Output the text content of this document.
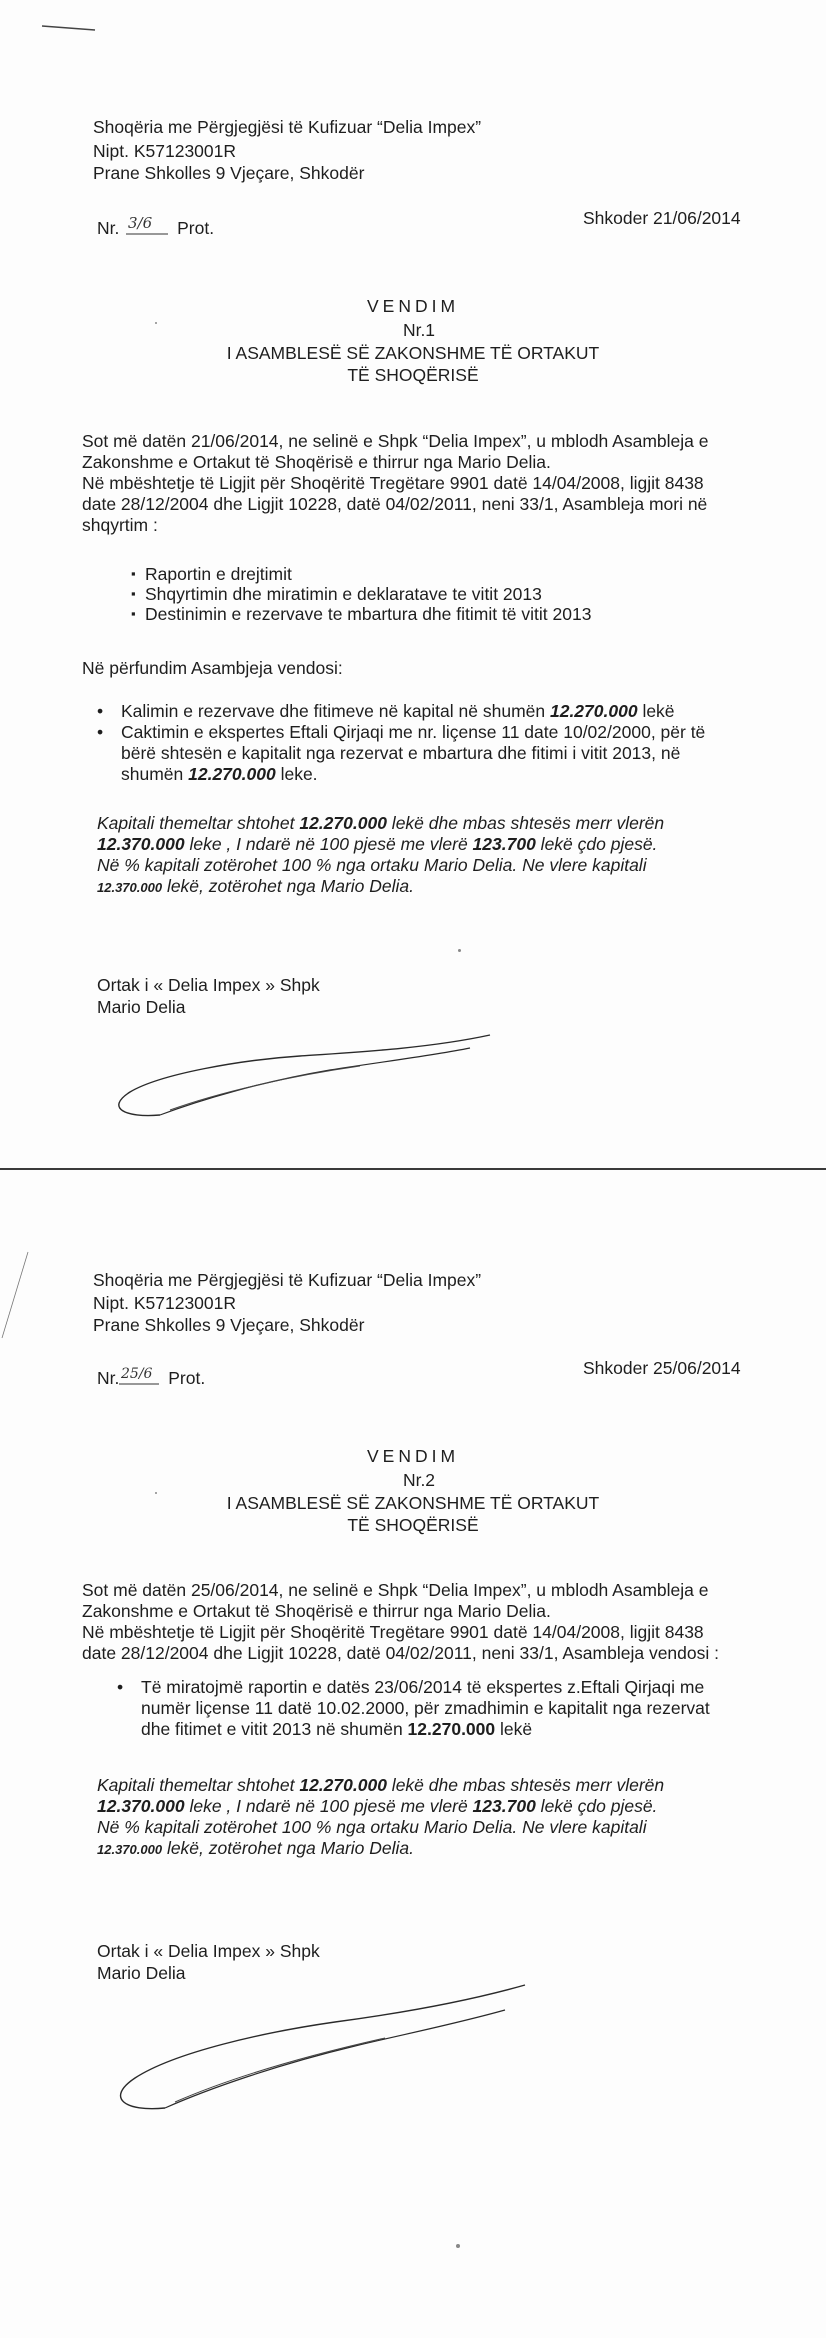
Shoqëria me Përgjegjësi të Kufizuar “Delia Impex”
Nipt. K57123001R
Prane Shkolles 9 Vjeçare, Shkodër
Nr. 3/6 Prot.	Shkoder 21/06/2014
VENDIM
Nr.1
I ASAMBLESË SË ZAKONSHME TË ORTAKUT
TË SHOQËRISË
Sot më datën 21/06/2014, ne selinë e Shpk “Delia Impex”, u mblodh Asambleja e
Zakonshme e Ortakut të Shoqërisë e thirrur nga Mario Delia.
Në mbështetje të Ligjit për Shoqëritë Tregëtare 9901 datë 14/04/2008, ligjit 8438
date 28/12/2004 dhe Ligjit 10228, datë 04/02/2011, neni 33/1, Asambleja mori në
shqyrtim :
▪ Raportin e drejtimit
▪ Shqyrtimin dhe miratimin e deklaratave te vitit 2013
▪ Destinimin e rezervave te mbartura dhe fitimit të vitit 2013
Në përfundim Asambjeja vendosi:
• Kalimin e rezervave dhe fitimeve në kapital në shumën 12.270.000 lekë
• Caktimin e ekspertes Eftali Qirjaqi me nr. liçense 11 date 10/02/2000, për të
bërë shtesën e kapitalit nga rezervat e mbartura dhe fitimi i vitit 2013, në
shumën 12.270.000 leke.
Kapitali themeltar shtohet 12.270.000 lekë dhe mbas shtesës merr vlerën
12.370.000 leke , I ndarë në 100 pjesë me vlerë 123.700 lekë çdo pjesë.
Në % kapitali zotërohet 100 % nga ortaku Mario Delia. Ne vlere kapitali
12.370.000 lekë, zotërohet nga Mario Delia.
Ortak i « Delia Impex » Shpk
Mario Delia
Shoqëria me Përgjegjësi të Kufizuar “Delia Impex”
Nipt. K57123001R
Prane Shkolles 9 Vjeçare, Shkodër
Nr. 25/6 Prot.	Shkoder 25/06/2014
VENDIM
Nr.2
I ASAMBLESË SË ZAKONSHME TË ORTAKUT
TË SHOQËRISË
Sot më datën 25/06/2014, ne selinë e Shpk “Delia Impex”, u mblodh Asambleja e
Zakonshme e Ortakut të Shoqërisë e thirrur nga Mario Delia.
Në mbështetje të Ligjit për Shoqëritë Tregëtare 9901 datë 14/04/2008, ligjit 8438
date 28/12/2004 dhe Ligjit 10228, datë 04/02/2011, neni 33/1, Asambleja vendosi :
• Të miratojmë raportin e datës 23/06/2014 të ekspertes z.Eftali Qirjaqi me
numër liçense 11 datë 10.02.2000, për zmadhimin e kapitalit nga rezervat
dhe fitimet e vitit 2013 në shumën 12.270.000 lekë
Kapitali themeltar shtohet 12.270.000 lekë dhe mbas shtesës merr vlerën
12.370.000 leke , I ndarë në 100 pjesë me vlerë 123.700 lekë çdo pjesë.
Në % kapitali zotërohet 100 % nga ortaku Mario Delia. Ne vlere kapitali
12.370.000 lekë, zotërohet nga Mario Delia.
Ortak i « Delia Impex » Shpk
Mario Delia
